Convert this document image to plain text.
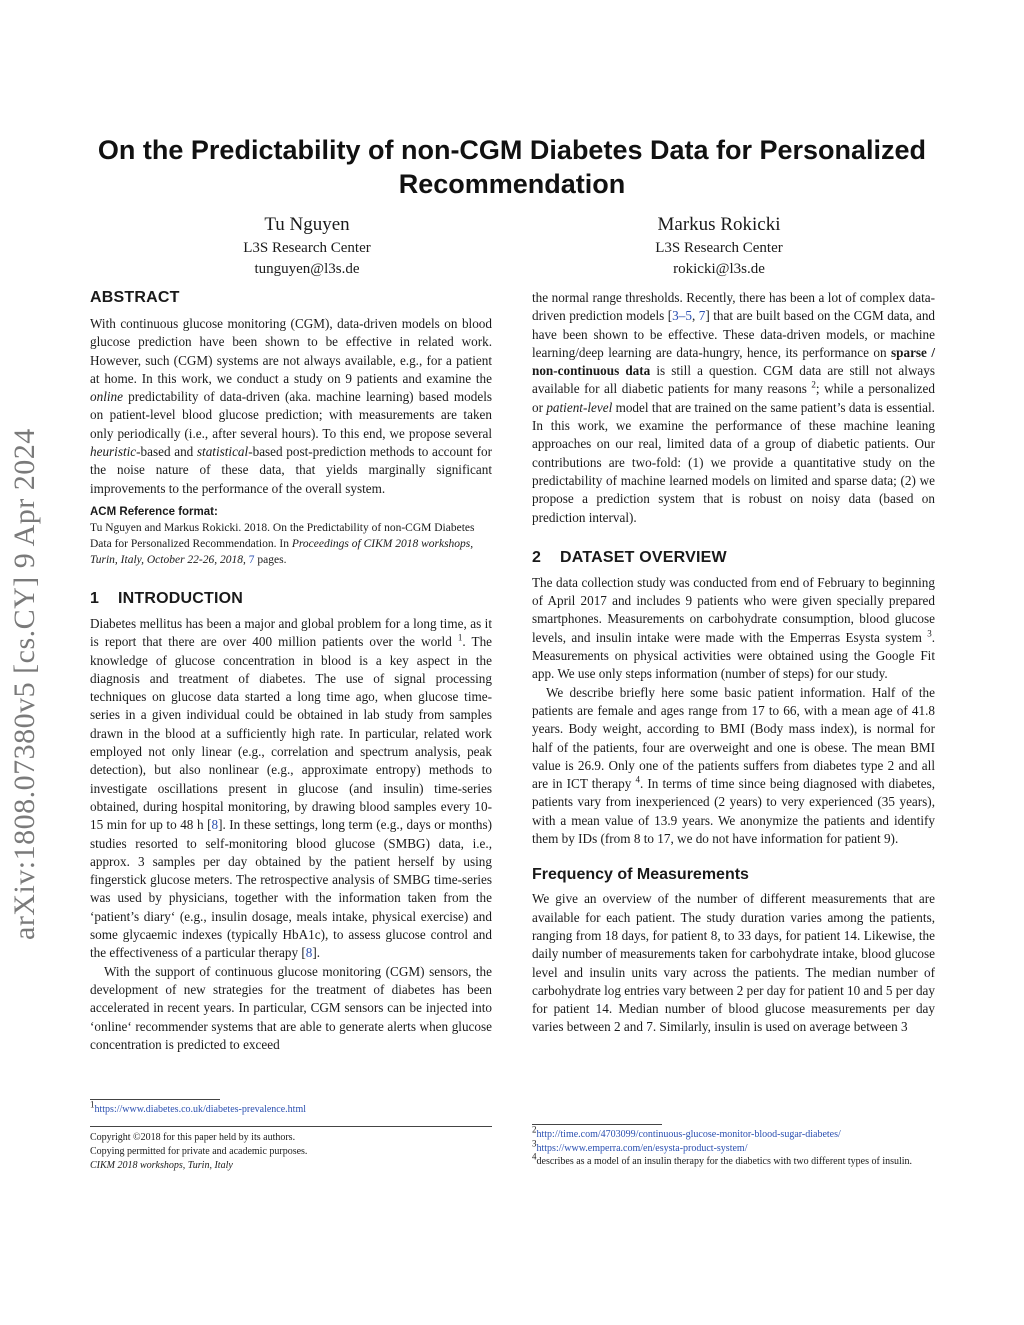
arXiv:1808.07380v5 [cs.CY] 9 Apr 2024
On the Predictability of non-CGM Diabetes Data for Personalized Recommendation
Tu Nguyen
L3S Research Center
tunguyen@l3s.de
Markus Rokicki
L3S Research Center
rokicki@l3s.de
ABSTRACT

With continuous glucose monitoring (CGM), data-driven models on blood glucose prediction have been shown to be effective in related work. However, such (CGM) systems are not always available, e.g., for a patient at home. In this work, we conduct a study on 9 patients and examine the online predictability of data-driven (aka. machine learning) based models on patient-level blood glucose prediction; with measurements are taken only periodically (i.e., after several hours). To this end, we propose several heuristic-based and statistical-based post-prediction methods to account for the noise nature of these data, that yields marginally significant improvements to the performance of the overall system.

ACM Reference format:
Tu Nguyen and Markus Rokicki. 2018. On the Predictability of non-CGM Diabetes Data for Personalized Recommendation. In Proceedings of CIKM 2018 workshops, Turin, Italy, October 22-26, 2018, 7 pages.
1 INTRODUCTION

Diabetes mellitus has been a major and global problem for a long time, as it is report that there are over 400 million patients over the world $^1$. The knowledge of glucose concentration in blood is a key aspect in the diagnosis and treatment of diabetes. The use of signal processing techniques on glucose data started a long time ago, when glucose time-series in a given individual could be obtained in lab study from samples drawn in the blood at a sufficiently high rate. In particular, related work employed not only linear (e.g., correlation and spectrum analysis, peak detection), but also nonlinear (e.g., approximate entropy) methods to investigate oscillations present in glucose (and insulin) time-series obtained, during hospital monitoring, by drawing blood samples every 10-15 min for up to 48 h [8]. In these settings, long term (e.g., days or months) studies resorted to self-monitoring blood glucose (SMBG) data, i.e., approx. 3 samples per day obtained by the patient herself by using fingerstick glucose meters. The retrospective analysis of SMBG time-series was used by physicians, together with the information taken from the ‘patient’s diary‘ (e.g., insulin dosage, meals intake, physical exercise) and some glycaemic indexes (typically HbA1c), to assess glucose control and the effectiveness of a particular therapy [8].

With the support of continuous glucose monitoring (CGM) sensors, the development of new strategies for the treatment of diabetes has been accelerated in recent years. In particular, CGM sensors can be injected into ‘online‘ recommender systems that are able to generate alerts when glucose concentration is predicted to exceed

$^1$https://www.diabetes.co.uk/diabetes-prevalence.html
Copyright ©2018 for this paper held by its authors.
Copying permitted for private and academic purposes.
CIKM 2018 workshops, Turin, Italy

the normal range thresholds. Recently, there has been a lot of complex data-driven prediction models [3–5, 7] that are built based on the CGM data, and have been shown to be effective. These data-driven models, or machine learning/deep learning are data-hungry, hence, its performance on sparse / non-continuous data is still a question. CGM data are still not always available for all diabetic patients for many reasons $^2$; while a personalized or patient-level model that are trained on the same patient’s data is essential. In this work, we examine the performance of these machine leaning approaches on our real, limited data of a group of diabetic patients. Our contributions are two-fold: (1) we provide a quantitative study on the predictability of machine learned models on limited and sparse data; (2) we propose a prediction system that is robust on noisy data (based on prediction interval).

2 DATASET OVERVIEW

The data collection study was conducted from end of February to beginning of April 2017 and includes 9 patients who were given specially prepared smartphones. Measurements on carbohydrate consumption, blood glucose levels, and insulin intake were made with the Emperras Esysta system $^3$. Measurements on physical activities were obtained using the Google Fit app. We use only steps information (number of steps) for our study.

We describe briefly here some basic patient information. Half of the patients are female and ages range from 17 to 66, with a mean age of 41.8 years. Body weight, according to BMI (Body mass index), is normal for half of the patients, four are overweight and one is obese. The mean BMI value is 26.9. Only one of the patients suffers from diabetes type 2 and all are in ICT therapy $^4$. In terms of time since being diagnosed with diabetes, patients vary from inexperienced (2 years) to very experienced (35 years), with a mean value of 13.9 years. We anonymize the patients and identify them by IDs (from 8 to 17, we do not have information for patient 9).

Frequency of Measurements

We give an overview of the number of different measurements that are available for each patient. The study duration varies among the patients, ranging from 18 days, for patient 8, to 33 days, for patient 14. Likewise, the daily number of measurements taken for carbohydrate intake, blood glucose level and insulin units vary across the patients. The median number of carbohydrate log entries vary between 2 per day for patient 10 and 5 per day for patient 14. Median number of blood glucose measurements per day varies between 2 and 7. Similarly, insulin is used on average between 3

$^2$http://time.com/4703099/continuous-glucose-monitor-blood-sugar-diabetes/
$^3$https://www.emperra.com/en/esysta-product-system/
$^4$describes as a model of an insulin therapy for the diabetics with two different types of insulin.
